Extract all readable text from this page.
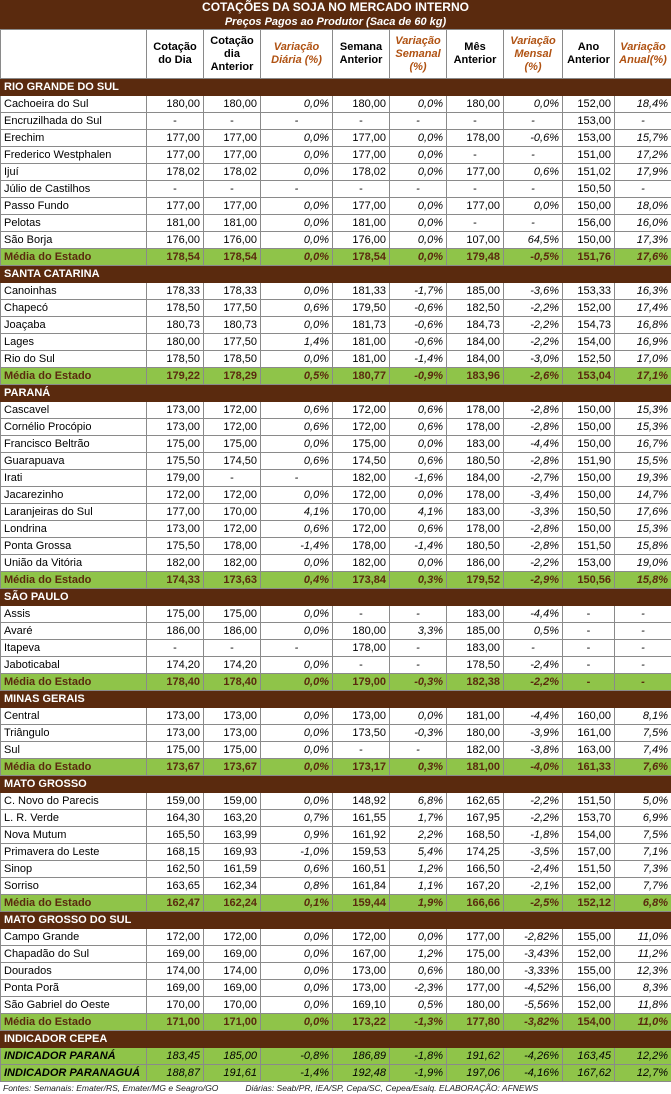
COTAÇÕES DA SOJA NO MERCADO INTERNO
Preços Pagos ao Produtor (Saca de 60 kg)
	Cotação do Dia	Cotação dia Anterior	Variação Diária (%)	Semana Anterior	Variação Semanal (%)	Mês Anterior	Variação Mensal (%)	Ano Anterior	Variação Anual(%)
RIO GRANDE DO SUL									
Cachoeira do Sul	180,00	180,00	0,0%	180,00	0,0%	180,00	0,0%	152,00	18,4%
Encruzilhada do Sul	-	-	-	-	-	-	-	153,00	-
Erechim	177,00	177,00	0,0%	177,00	0,0%	178,00	-0,6%	153,00	15,7%
Frederico Westphalen	177,00	177,00	0,0%	177,00	0,0%	-	-	151,00	17,2%
Ijuí	178,02	178,02	0,0%	178,02	0,0%	177,00	0,6%	151,02	17,9%
Júlio de Castilhos	-	-	-	-	-	-	-	150,50	-
Passo Fundo	177,00	177,00	0,0%	177,00	0,0%	177,00	0,0%	150,00	18,0%
Pelotas	181,00	181,00	0,0%	181,00	0,0%	-	-	156,00	16,0%
São Borja	176,00	176,00	0,0%	176,00	0,0%	107,00	64,5%	150,00	17,3%
Média do Estado	178,54	178,54	0,0%	178,54	0,0%	179,48	-0,5%	151,76	17,6%
SANTA CATARINA									
Canoinhas	178,33	178,33	0,0%	181,33	-1,7%	185,00	-3,6%	153,33	16,3%
Chapecó	178,50	177,50	0,6%	179,50	-0,6%	182,50	-2,2%	152,00	17,4%
Joaçaba	180,73	180,73	0,0%	181,73	-0,6%	184,73	-2,2%	154,73	16,8%
Lages	180,00	177,50	1,4%	181,00	-0,6%	184,00	-2,2%	154,00	16,9%
Rio do Sul	178,50	178,50	0,0%	181,00	-1,4%	184,00	-3,0%	152,50	17,0%
Média do Estado	179,22	178,29	0,5%	180,77	-0,9%	183,96	-2,6%	153,04	17,1%
PARANÁ									
Cascavel	173,00	172,00	0,6%	172,00	0,6%	178,00	-2,8%	150,00	15,3%
Cornélio Procópio	173,00	172,00	0,6%	172,00	0,6%	178,00	-2,8%	150,00	15,3%
Francisco Beltrão	175,00	175,00	0,0%	175,00	0,0%	183,00	-4,4%	150,00	16,7%
Guarapuava	175,50	174,50	0,6%	174,50	0,6%	180,50	-2,8%	151,90	15,5%
Irati	179,00	-	-	182,00	-1,6%	184,00	-2,7%	150,00	19,3%
Jacarezinho	172,00	172,00	0,0%	172,00	0,0%	178,00	-3,4%	150,00	14,7%
Laranjeiras do Sul	177,00	170,00	4,1%	170,00	4,1%	183,00	-3,3%	150,50	17,6%
Londrina	173,00	172,00	0,6%	172,00	0,6%	178,00	-2,8%	150,00	15,3%
Ponta Grossa	175,50	178,00	-1,4%	178,00	-1,4%	180,50	-2,8%	151,50	15,8%
União da Vitória	182,00	182,00	0,0%	182,00	0,0%	186,00	-2,2%	153,00	19,0%
Média do Estado	174,33	173,63	0,4%	173,84	0,3%	179,52	-2,9%	150,56	15,8%
SÃO PAULO									
Assis	175,00	175,00	0,0%	-	-	183,00	-4,4%	-	-
Avaré	186,00	186,00	0,0%	180,00	3,3%	185,00	0,5%	-	-
Itapeva	-	-	-	178,00	-	183,00	-	-	-
Jaboticabal	174,20	174,20	0,0%	-	-	178,50	-2,4%	-	-
Média do Estado	178,40	178,40	0,0%	179,00	-0,3%	182,38	-2,2%	-	-
MINAS GERAIS									
Central	173,00	173,00	0,0%	173,00	0,0%	181,00	-4,4%	160,00	8,1%
Triângulo	173,00	173,00	0,0%	173,50	-0,3%	180,00	-3,9%	161,00	7,5%
Sul	175,00	175,00	0,0%	-	-	182,00	-3,8%	163,00	7,4%
Média do Estado	173,67	173,67	0,0%	173,17	0,3%	181,00	-4,0%	161,33	7,6%
MATO GROSSO									
C. Novo do Parecis	159,00	159,00	0,0%	148,92	6,8%	162,65	-2,2%	151,50	5,0%
L. R. Verde	164,30	163,20	0,7%	161,55	1,7%	167,95	-2,2%	153,70	6,9%
Nova Mutum	165,50	163,99	0,9%	161,92	2,2%	168,50	-1,8%	154,00	7,5%
Primavera do Leste	168,15	169,93	-1,0%	159,53	5,4%	174,25	-3,5%	157,00	7,1%
Sinop	162,50	161,59	0,6%	160,51	1,2%	166,50	-2,4%	151,50	7,3%
Sorriso	163,65	162,34	0,8%	161,84	1,1%	167,20	-2,1%	152,00	7,7%
Média do Estado	162,47	162,24	0,1%	159,44	1,9%	166,66	-2,5%	152,12	6,8%
MATO GROSSO DO SUL									
Campo Grande	172,00	172,00	0,0%	172,00	0,0%	177,00	-2,82%	155,00	11,0%
Chapadão do Sul	169,00	169,00	0,0%	167,00	1,2%	175,00	-3,43%	152,00	11,2%
Dourados	174,00	174,00	0,0%	173,00	0,6%	180,00	-3,33%	155,00	12,3%
Ponta Porã	169,00	169,00	0,0%	173,00	-2,3%	177,00	-4,52%	156,00	8,3%
São Gabriel do Oeste	170,00	170,00	0,0%	169,10	0,5%	180,00	-5,56%	152,00	11,8%
Média do Estado	171,00	171,00	0,0%	173,22	-1,3%	177,80	-3,82%	154,00	11,0%
INDICADOR CEPEA									
INDICADOR PARANÁ	183,45	185,00	-0,8%	186,89	-1,8%	191,62	-4,26%	163,45	12,2%
INDICADOR PARANAGUÁ	188,87	191,61	-1,4%	192,48	-1,9%	197,06	-4,16%	167,62	12,7%
Fontes: Semanais: Emater/RS, Emater/MG e Seagro/GO	Diárias: Seab/PR, IEA/SP, Cepa/SC, Cepea/Esalq. ELABORAÇÃO: AFNEWS
